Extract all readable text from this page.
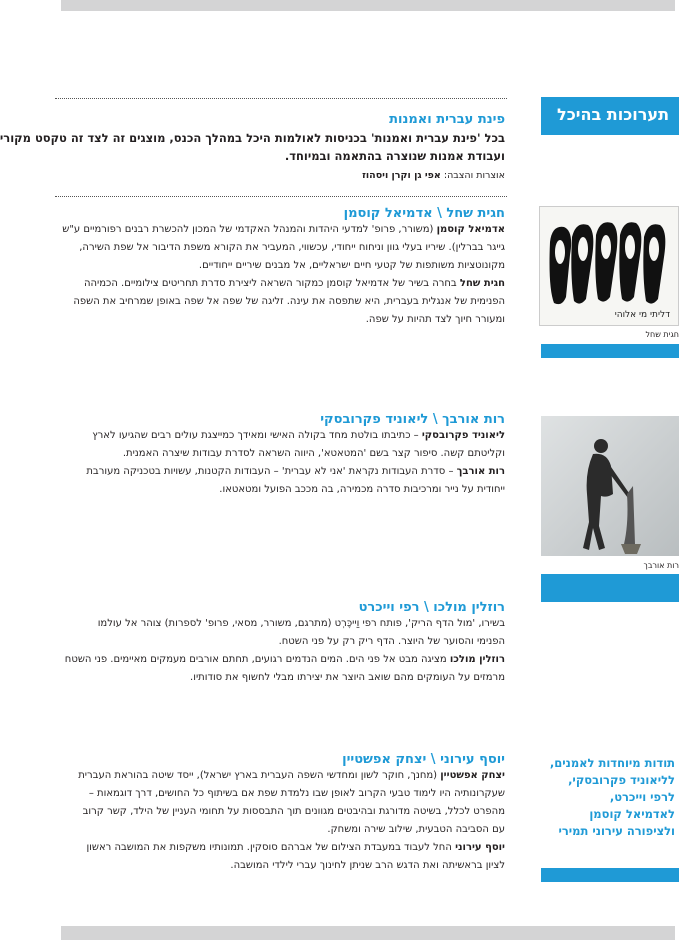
תערוכות בהיכל
דליתי מי אלוהי
חגית שחל
רות אורבך
תודות מיוחדות לאמנים,
לליאוניד פקרובסקי,
לרפי וייכרט,
לאדמיאל קוסמן
ולציפורה עירוני תמירי
פינת עברית ואמנות
בכל 'פינת עברית ואמנות' בכניסות לאולמות היכל במהלך הכנס, מוצגים זה לצד זה טקסט מקורי
ועבודת אמנות שנוצרה בהתאמה ובמיוחד.
אוצרות והצבה: אפי גן וקרן ויסהוז
חגית שחל \ אדמיאל קוסמן
אדמיאל קוסמן (משורר, פרופ' למדעי היהדות והמנהל האקדמי של המכון להכשרת רבנים רפורמיים ע"ש
גייגר בברלין). שיריו בעלי גוון וניחוח ייחודי, עכשווי, המעביר את הקורא משפת הדיבור אל שפת השירה,
מקונוטציות משותפות של קטעי חיים ישראליים, אל מבנים שיריים ייחודיים.
חגית שחל בחרה בשיר של אדמיאל קוסמן כמקור השראה ליצירת סדרת תחריטים צילומיים. הכמיהה
הפנימית של אנגלית בעברית, היא שתפסה את עינה. זליגה של שפה אל שפה באופן שמרחיב את השפה
ומעורר חיוך לצד תהיות על שפה.
רות אורבך \ ליאוניד פקרובסקי
ליאוניד פקרובסקי – כתיבתו בולטת מחד בקולה האישי ומאידך כמייצגת עולים רבים שהגיעו לארץ
וקליטתם קשה. סיפור קצר בשם 'המטאטא', היווה השראה לסדרת עבודות שיצרה האמנית.
רות אורבך – סדרת העבודות נקראת 'אני לא עברית' – העבודות הקטנות, עשויות בטכניקה מעורבת
ייחודית על נייר ומרכיבות סדרה מכמירה, בה מככב הפועל ומטאטאו.
רוזלין מולכו \ רפי וייכרט
בשירו, 'מול הדף הריק', פותח רפי וַייכֶּרְט (מתרגם, משורר, מסאי, פרופ' לספרות) צוהר אל עולמו
הפנימי והסוער של היוצר. הדף ריק רק על פני השטח.
רוזלין מולכו מציגה מבט אל פני הים. המים הנדמים רגועים, תחתם אורבים מעמקים מאיימים. פני השטח
מרמזים על העומקים מהם שואב היוצר את יצירתו מבלי לחשוף את סודותיו.
יוסף עירוני \ יצחק אפשטיין
יצחק אפשטיין (מחנך, חוקר לשון ומחדשי השפה העברית בארץ ישראל), ייסד שיטה בהוראת העברית
שעקרונותיה היו לימוד טבעי הקרוב לאופן שבו נלמדת שפת אם בשיתוף כל החושים, דרך דוגמאות –
מהפרט לכלל, בשיטה מדורגת ובהיבטים מגוונים תוך התבססות על תחומי העניין של הילד, קשר קרוב
עם הסביבה הטבעית, שילוב שירה ומשחק.
יוסף עירוני החל לעבוד במעבדת הצילום של אברהם סוסקין. תמונותיו משקפות את המושבה ראשון
לציון בראשיתה ואת הדגש הרב שניתן לחינוך עברי לילדי המושבה.
